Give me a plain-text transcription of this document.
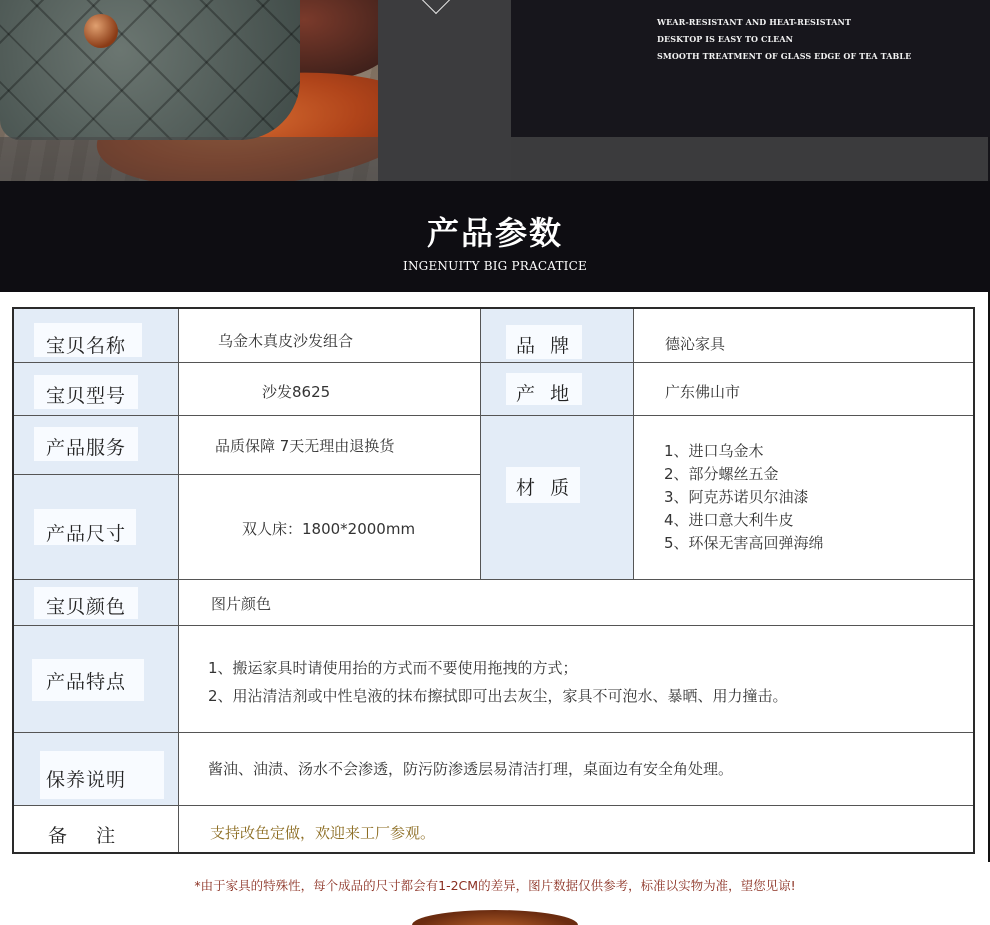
WEAR-RESISTANT AND HEAT-RESISTANT
DESKTOP IS EASY TO CLEAN
SMOOTH TREATMENT OF GLASS EDGE OF TEA TABLE
产品参数
INGENUITY BIG PRACATICE
宝贝名称
宝贝型号
产品服务
产品尺寸
宝贝颜色
产品特点
保养说明
备    注
品  牌
产  地
材  质
乌金木真皮沙发组合	德沁家具
沙发8625	广东佛山市
品质保障 7天无理由退换货
双人床：1800*2000mm
1、进口乌金木
2、部分螺丝五金
3、阿克苏诺贝尔油漆
4、进口意大利牛皮
5、环保无害高回弹海绵
图片颜色
1、搬运家具时请使用抬的方式而不要使用拖拽的方式；
2、用沾清洁剂或中性皂液的抹布擦拭即可出去灰尘，家具不可泡水、暴晒、用力撞击。
酱油、油渍、汤水不会渗透，防污防渗透层易清洁打理，桌面边有安全角处理。
支持改色定做，欢迎来工厂参观。
*由于家具的特殊性，每个成品的尺寸都会有1-2CM的差异，图片数据仅供参考，标准以实物为准，望您见谅!
